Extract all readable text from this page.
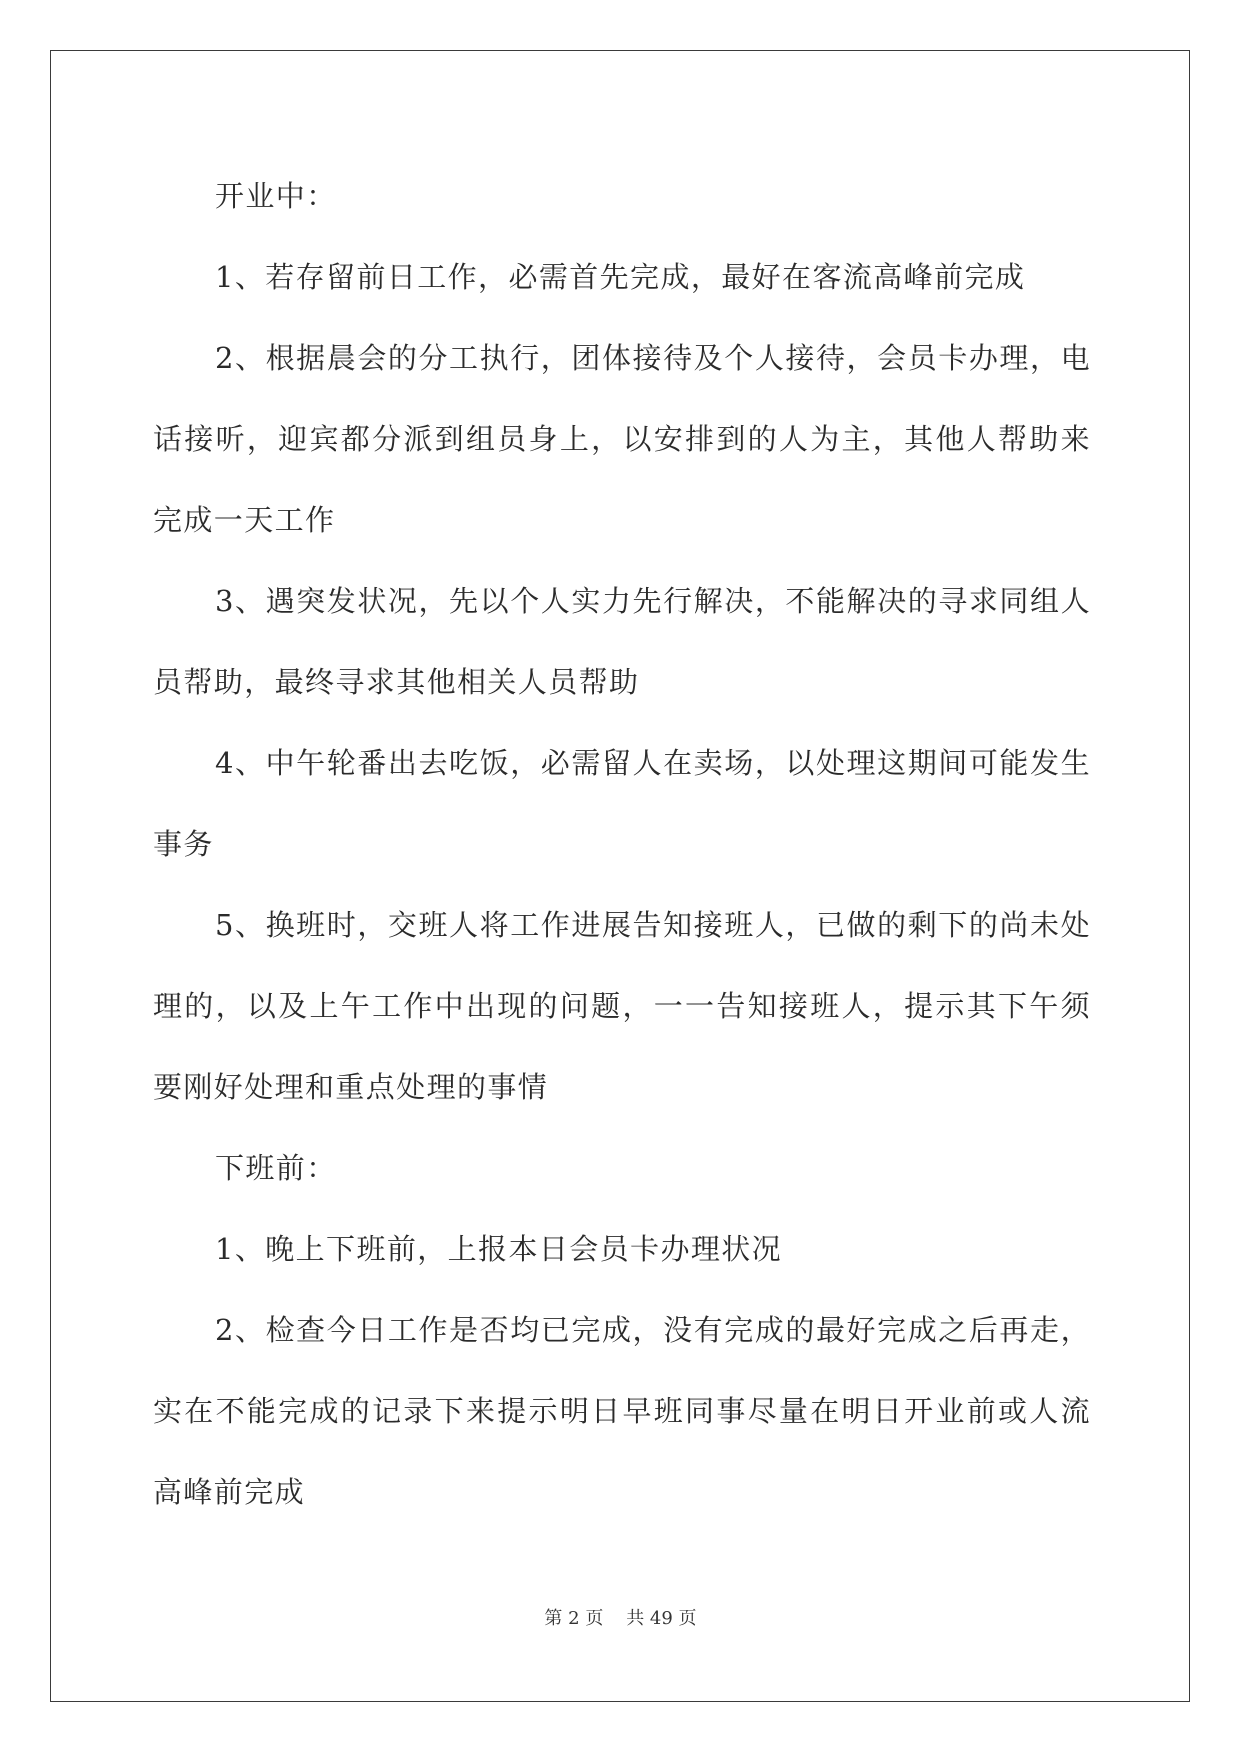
开业中：

1、若存留前日工作，必需首先完成，最好在客流高峰前完成

2、根据晨会的分工执行，团体接待及个人接待，会员卡办理，电话接听，迎宾都分派到组员身上，以安排到的人为主，其他人帮助来完成一天工作

3、遇突发状况，先以个人实力先行解决，不能解决的寻求同组人员帮助，最终寻求其他相关人员帮助

4、中午轮番出去吃饭，必需留人在卖场，以处理这期间可能发生事务

5、换班时，交班人将工作进展告知接班人，已做的剩下的尚未处理的，以及上午工作中出现的问题，一一告知接班人，提示其下午须要刚好处理和重点处理的事情

下班前：

1、晚上下班前，上报本日会员卡办理状况

2、检查今日工作是否均已完成，没有完成的最好完成之后再走，实在不能完成的记录下来提示明日早班同事尽量在明日开业前或人流高峰前完成

第 2 页    共 49 页
